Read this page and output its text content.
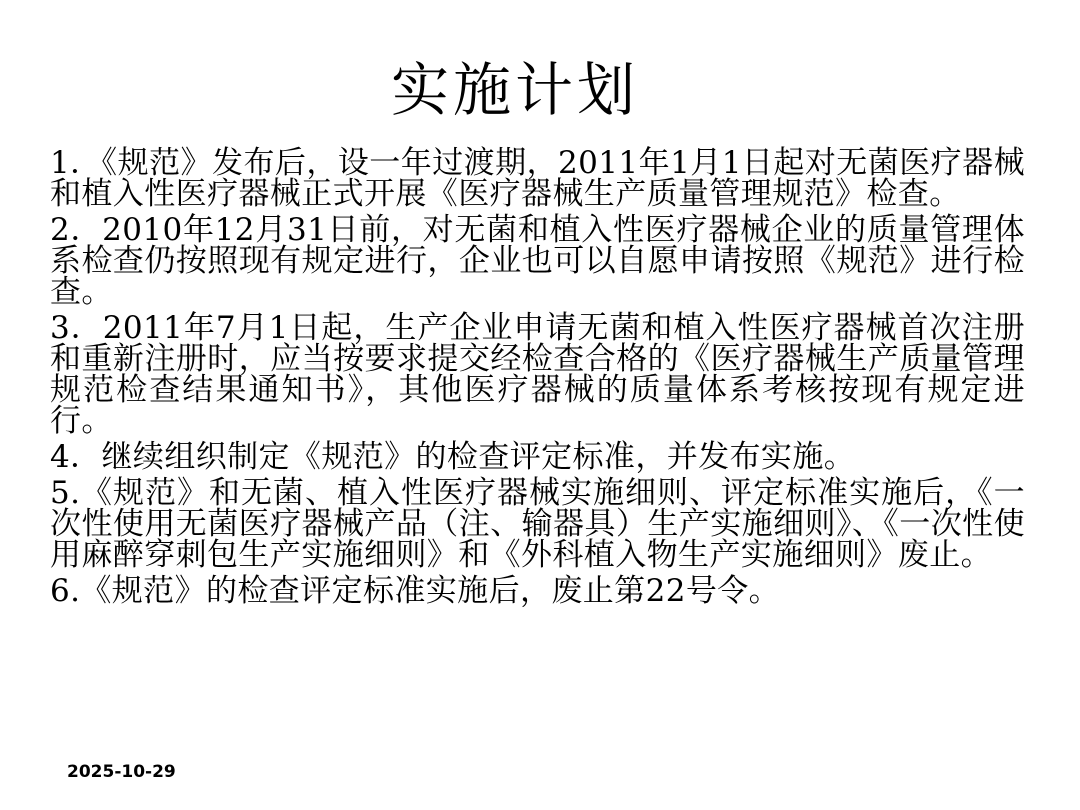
实施计划
1．《规范》发布后，设一年过渡期，2011年1月1日起对无菌医疗器械和植入性医疗器械正式开展《医疗器械生产质量管理规范》检查。
2．2010年12月31日前，对无菌和植入性医疗器械企业的质量管理体系检查仍按照现有规定进行，企业也可以自愿申请按照《规范》进行检查。
3．2011年7月1日起，生产企业申请无菌和植入性医疗器械首次注册和重新注册时，应当按要求提交经检查合格的《医疗器械生产质量管理规范检查结果通知书》，其他医疗器械的质量体系考核按现有规定进行。
4．继续组织制定《规范》的检查评定标准，并发布实施。
5.《规范》和无菌、植入性医疗器械实施细则、评定标准实施后，《一次性使用无菌医疗器械产品（注、输器具）生产实施细则》、《一次性使用麻醉穿刺包生产实施细则》和《外科植入物生产实施细则》废止。
6.《规范》的检查评定标准实施后，废止第22号令。
2025-10-29
